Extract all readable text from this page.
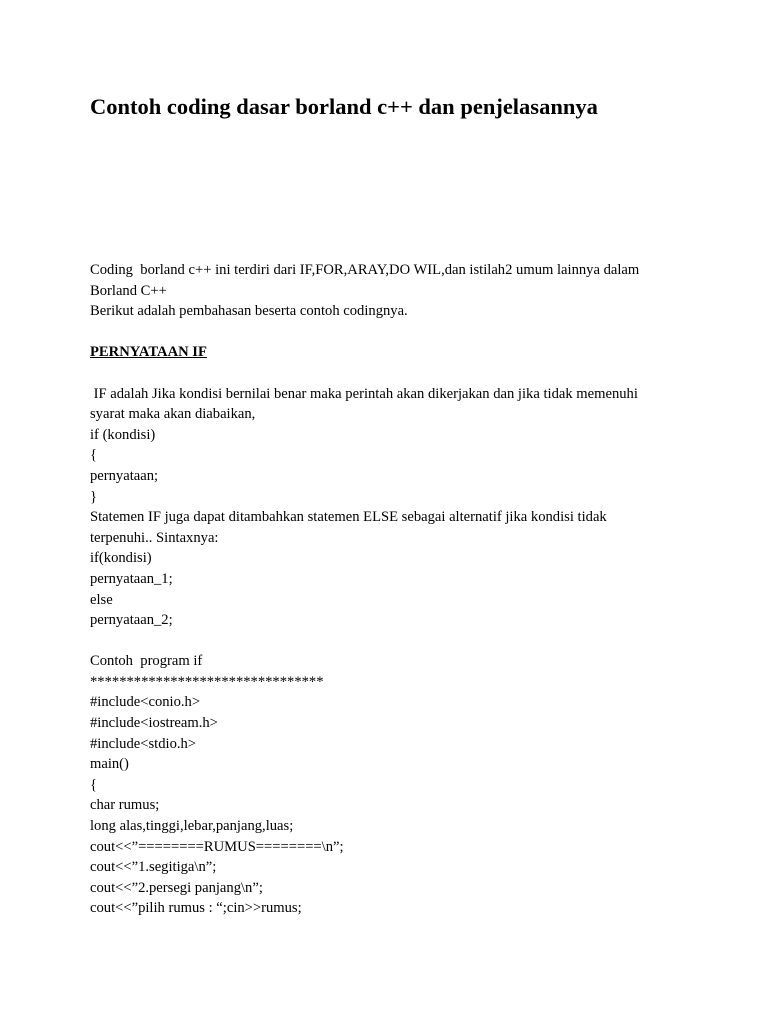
Contoh coding dasar borland c++ dan penjelasannya
Coding  borland c++ ini terdiri dari IF,FOR,ARAY,DO WIL,dan istilah2 umum lainnya dalam
Borland C++
Berikut adalah pembahasan beserta contoh codingnya.
PERNYATAAN IF
IF adalah Jika kondisi bernilai benar maka perintah akan dikerjakan dan jika tidak memenuhi
syarat maka akan diabaikan,
if (kondisi)
{
pernyataan;
}
Statemen IF juga dapat ditambahkan statemen ELSE sebagai alternatif jika kondisi tidak
terpenuhi.. Sintaxnya:
if(kondisi)
pernyataan_1;
else
pernyataan_2;
Contoh  program if
********************************
#include<conio.h>
#include<iostream.h>
#include<stdio.h>
main()
{
char rumus;
long alas,tinggi,lebar,panjang,luas;
cout<<”========RUMUS========\n”;
cout<<”1.segitiga\n”;
cout<<”2.persegi panjang\n”;
cout<<”pilih rumus : “;cin>>rumus;
